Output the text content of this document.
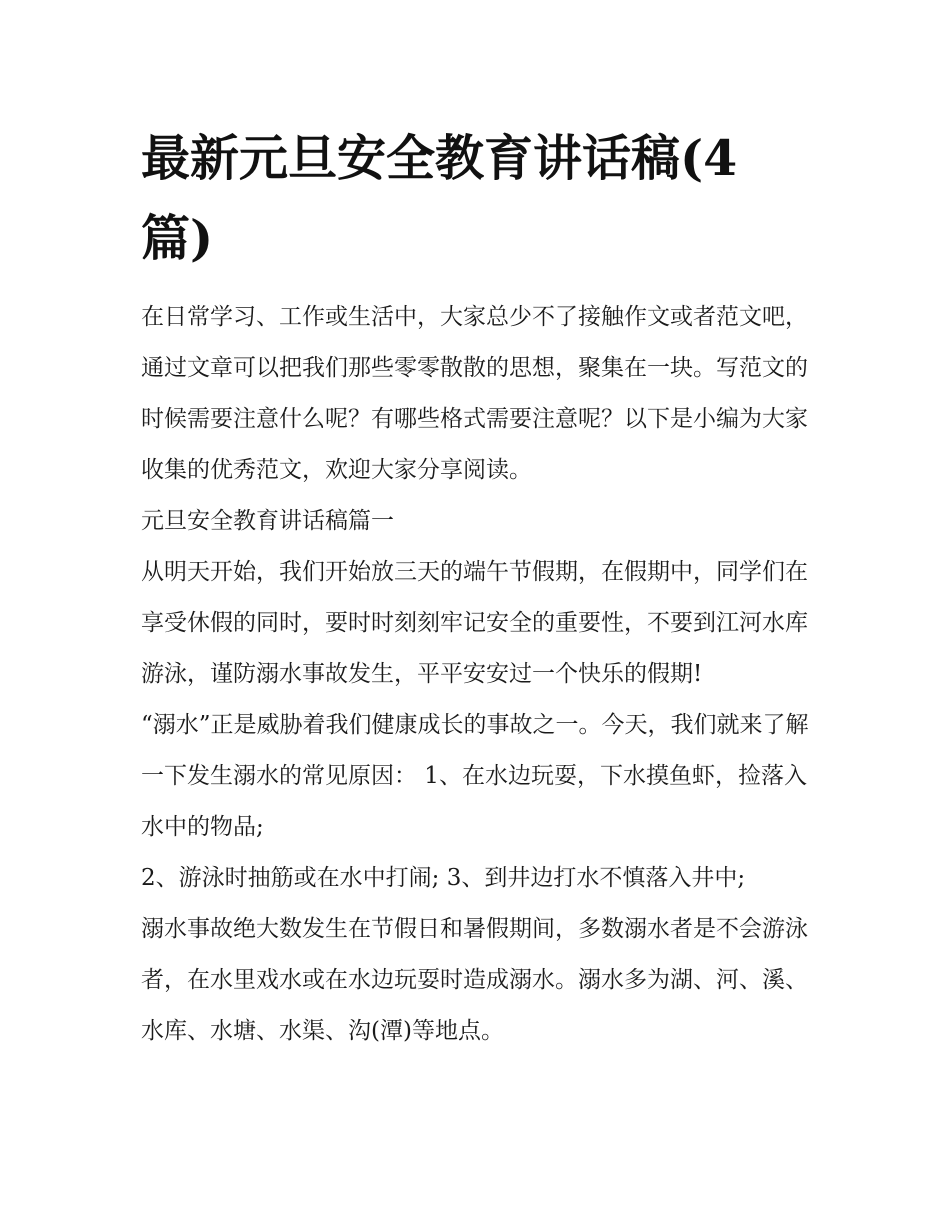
最新元旦安全教育讲话稿(4篇)

在日常学习、工作或生活中，大家总少不了接触作文或者范文吧，通过文章可以把我们那些零零散散的思想，聚集在一块。写范文的时候需要注意什么呢？有哪些格式需要注意呢？以下是小编为大家收集的优秀范文，欢迎大家分享阅读。

元旦安全教育讲话稿篇一

从明天开始，我们开始放三天的端午节假期，在假期中，同学们在享受休假的同时，要时时刻刻牢记安全的重要性，不要到江河水库游泳，谨防溺水事故发生，平平安安过一个快乐的假期!

“溺水”正是威胁着我们健康成长的事故之一。今天，我们就来了解一下发生溺水的常见原因： 1、在水边玩耍，下水摸鱼虾，捡落入水中的物品;

2、游泳时抽筋或在水中打闹; 3、到井边打水不慎落入井中;

溺水事故绝大数发生在节假日和暑假期间，多数溺水者是不会游泳者，在水里戏水或在水边玩耍时造成溺水。溺水多为湖、河、溪、水库、水塘、水渠、沟(潭)等地点。
